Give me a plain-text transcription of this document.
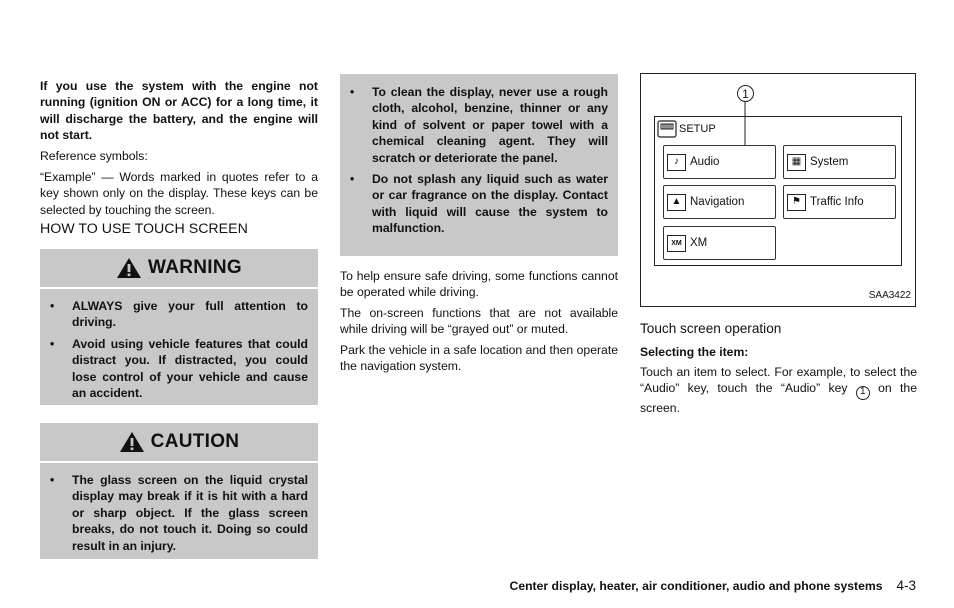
If you use the system with the engine not running (ignition ON or ACC) for a long time, it will discharge the battery, and the engine will not start.

Reference symbols:

“Example” — Words marked in quotes refer to a key shown only on the display. These keys can be selected by touching the screen.

HOW TO USE TOUCH SCREEN

WARNING
• ALWAYS give your full attention to driving.
• Avoid using vehicle features that could distract you. If distracted, you could lose control of your vehicle and cause an accident.
CAUTION
• The glass screen on the liquid crystal display may break if it is hit with a hard or sharp object. If the glass screen breaks, do not touch it. Doing so could result in an injury.
• To clean the display, never use a rough cloth, alcohol, benzine, thinner or any kind of solvent or paper towel with a chemical cleaning agent. They will scratch or deteriorate the panel.
• Do not splash any liquid such as water or car fragrance on the display. Contact with liquid will cause the system to malfunction.

To help ensure safe driving, some functions cannot be operated while driving.

The on-screen functions that are not available while driving will be “grayed out” or muted.

Park the vehicle in a safe location and then operate the navigation system.

1
SETUP
♪ Audio	▦ System
▲ Navigation	⚑ Traffic Info
XM XM
SAA3422

Touch screen operation

Selecting the item:

Touch an item to select. For example, to select the “Audio” key, touch the “Audio” key 1 on the screen.

Center display, heater, air conditioner, audio and phone systems 4-3
